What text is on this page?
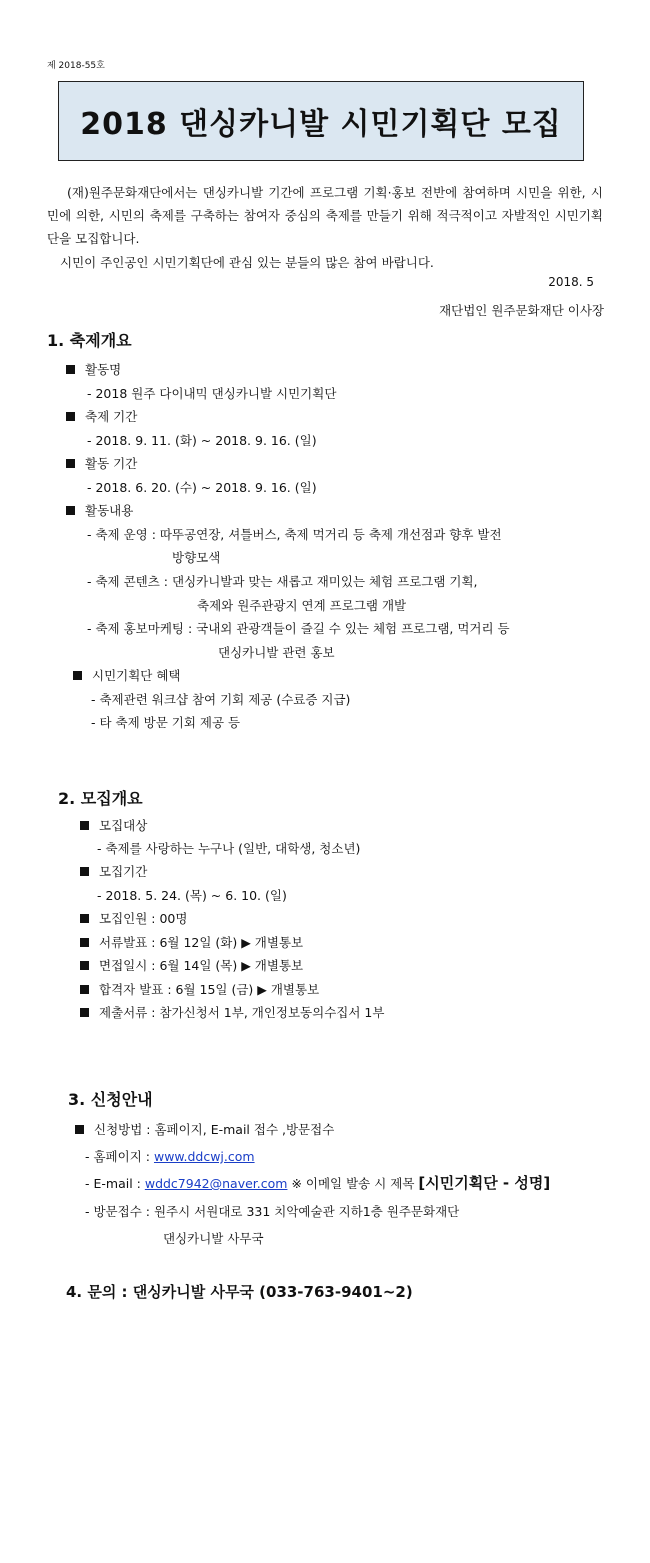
제 2018-55호
2018 댄싱카니발 시민기획단 모집
(재)원주문화재단에서는 댄싱카니발 기간에 프로그램 기획·홍보 전반에 참여하며 시민을 위한, 시민에 의한, 시민의 축제를 구축하는 참여자 중심의 축제를 만들기 위해 적극적이고 자발적인 시민기획단을 모집합니다.
시민이 주인공인 시민기획단에 관심 있는 분들의 많은 참여 바랍니다.
2018. 5
재단법인 원주문화재단 이사장
1. 축제개요
활동명
- 2018 원주 다이내믹 댄싱카니발 시민기획단
축제 기간
- 2018. 9. 11. (화) ~ 2018. 9. 16. (일)
활동 기간
- 2018. 6. 20. (수) ~ 2018. 9. 16. (일)
활동내용
- 축제 운영 : 따뚜공연장, 셔틀버스, 축제 먹거리 등 축제 개선점과 향후 발전
방향모색
- 축제 콘텐츠 : 댄싱카니발과 맞는 새롭고 재미있는 체험 프로그램 기획,
축제와 원주관광지 연계 프로그램 개발
- 축제 홍보마케팅 : 국내외 관광객들이 즐길 수 있는 체험 프로그램, 먹거리 등
댄싱카니발 관련 홍보
시민기획단 혜택
- 축제관련 워크샵 참여 기회 제공 (수료증 지급)
- 타 축제 방문 기회 제공 등
2. 모집개요
모집대상
- 축제를 사랑하는 누구나 (일반, 대학생, 청소년)
모집기간
- 2018. 5. 24. (목) ~ 6. 10. (일)
모집인원 : 00명
서류발표 : 6월 12일 (화) ▶ 개별통보
면접일시 : 6월 14일 (목) ▶ 개별통보
합격자 발표 : 6월 15일 (금) ▶ 개별통보
제출서류 : 참가신청서 1부, 개인정보동의수집서 1부
3. 신청안내
신청방법 : 홈페이지, E-mail 접수 ,방문접수
- 홈페이지 : www.ddcwj.com
- E-mail : wddc7942@naver.com ※ 이메일 발송 시 제목 [시민기획단 - 성명]
- 방문접수 : 원주시 서원대로 331 치악예술관 지하1층 원주문화재단
댄싱카니발 사무국
4. 문의 : 댄싱카니발 사무국 (033-763-9401~2)
